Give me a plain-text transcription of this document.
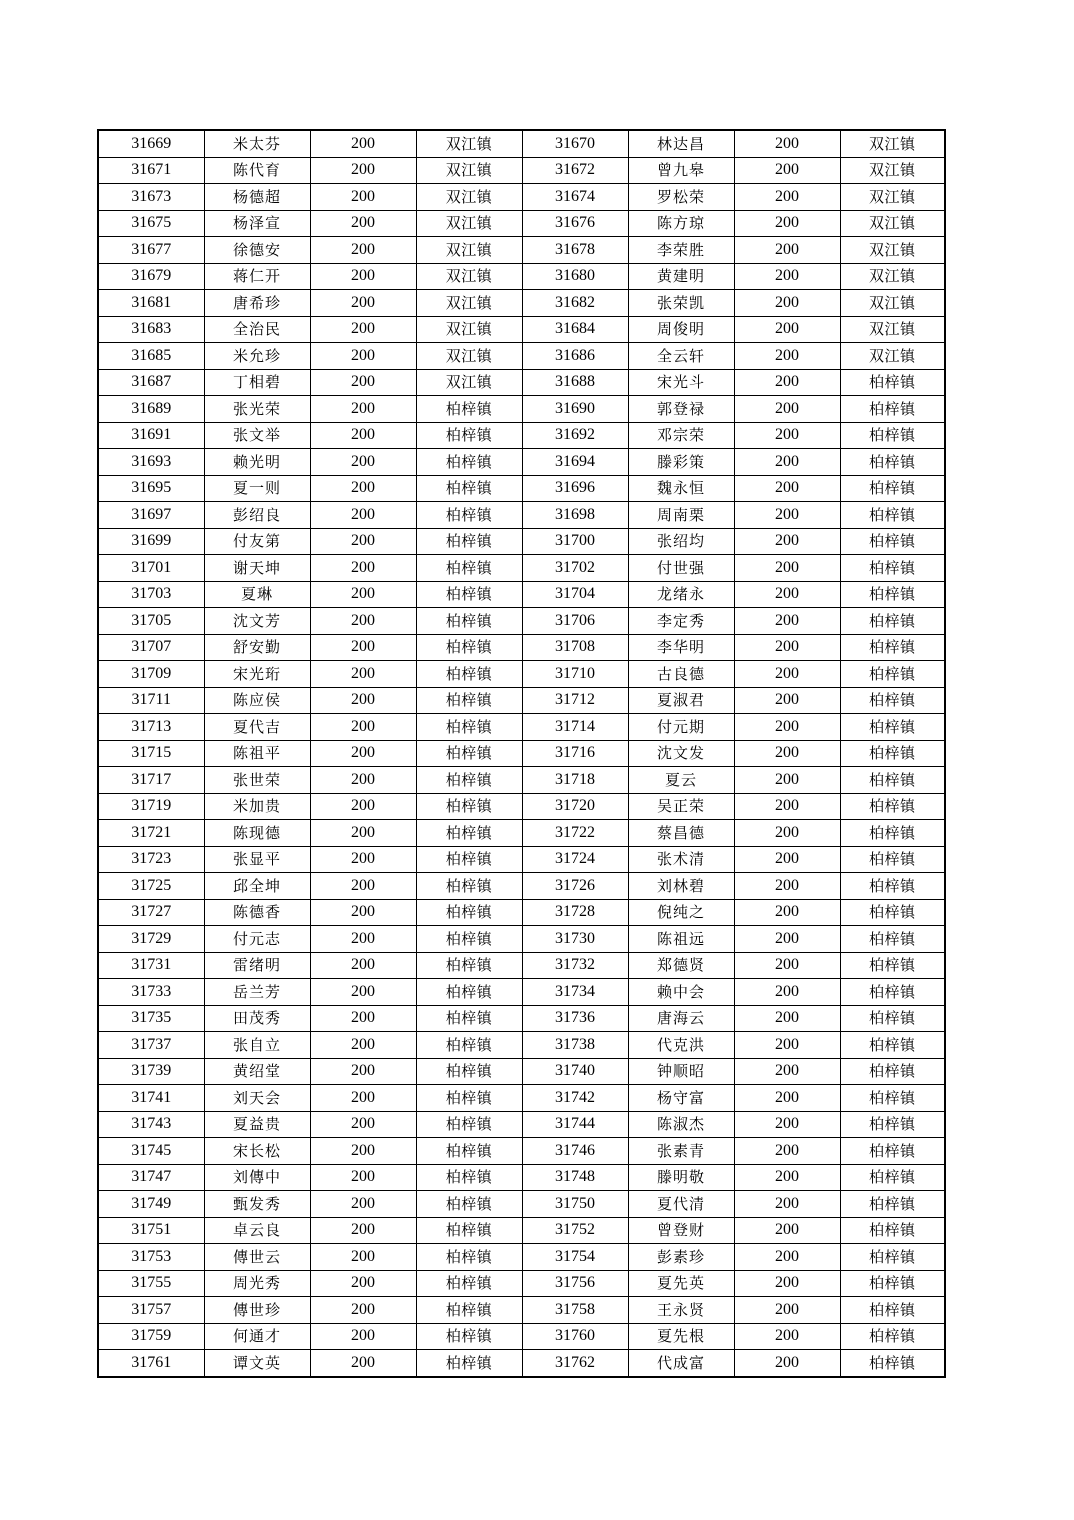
31669	米太芬	200	双江镇	31670	林达昌	200	双江镇
31671	陈代育	200	双江镇	31672	曾九皋	200	双江镇
31673	杨德超	200	双江镇	31674	罗松荣	200	双江镇
31675	杨泽宣	200	双江镇	31676	陈方琼	200	双江镇
31677	徐德安	200	双江镇	31678	李荣胜	200	双江镇
31679	蒋仁开	200	双江镇	31680	黄建明	200	双江镇
31681	唐希珍	200	双江镇	31682	张荣凯	200	双江镇
31683	全治民	200	双江镇	31684	周俊明	200	双江镇
31685	米允珍	200	双江镇	31686	全云轩	200	双江镇
31687	丁相碧	200	双江镇	31688	宋光斗	200	柏梓镇
31689	张光荣	200	柏梓镇	31690	郭登禄	200	柏梓镇
31691	张文举	200	柏梓镇	31692	邓宗荣	200	柏梓镇
31693	赖光明	200	柏梓镇	31694	滕彩策	200	柏梓镇
31695	夏一则	200	柏梓镇	31696	魏永恒	200	柏梓镇
31697	彭绍良	200	柏梓镇	31698	周南栗	200	柏梓镇
31699	付友第	200	柏梓镇	31700	张绍均	200	柏梓镇
31701	谢天坤	200	柏梓镇	31702	付世强	200	柏梓镇
31703	夏琳	200	柏梓镇	31704	龙绪永	200	柏梓镇
31705	沈文芳	200	柏梓镇	31706	李定秀	200	柏梓镇
31707	舒安勤	200	柏梓镇	31708	李华明	200	柏梓镇
31709	宋光珩	200	柏梓镇	31710	古良德	200	柏梓镇
31711	陈应侯	200	柏梓镇	31712	夏淑君	200	柏梓镇
31713	夏代吉	200	柏梓镇	31714	付元期	200	柏梓镇
31715	陈祖平	200	柏梓镇	31716	沈文发	200	柏梓镇
31717	张世荣	200	柏梓镇	31718	夏云	200	柏梓镇
31719	米加贵	200	柏梓镇	31720	吴正荣	200	柏梓镇
31721	陈现德	200	柏梓镇	31722	蔡昌德	200	柏梓镇
31723	张显平	200	柏梓镇	31724	张术清	200	柏梓镇
31725	邱全坤	200	柏梓镇	31726	刘林碧	200	柏梓镇
31727	陈德香	200	柏梓镇	31728	倪纯之	200	柏梓镇
31729	付元志	200	柏梓镇	31730	陈祖远	200	柏梓镇
31731	雷绪明	200	柏梓镇	31732	郑德贤	200	柏梓镇
31733	岳兰芳	200	柏梓镇	31734	赖中会	200	柏梓镇
31735	田茂秀	200	柏梓镇	31736	唐海云	200	柏梓镇
31737	张自立	200	柏梓镇	31738	代克洪	200	柏梓镇
31739	黄绍堂	200	柏梓镇	31740	钟顺昭	200	柏梓镇
31741	刘天会	200	柏梓镇	31742	杨守富	200	柏梓镇
31743	夏益贵	200	柏梓镇	31744	陈淑杰	200	柏梓镇
31745	宋长松	200	柏梓镇	31746	张素青	200	柏梓镇
31747	刘傳中	200	柏梓镇	31748	滕明敬	200	柏梓镇
31749	甄发秀	200	柏梓镇	31750	夏代清	200	柏梓镇
31751	卓云良	200	柏梓镇	31752	曾登财	200	柏梓镇
31753	傳世云	200	柏梓镇	31754	彭素珍	200	柏梓镇
31755	周光秀	200	柏梓镇	31756	夏先英	200	柏梓镇
31757	傳世珍	200	柏梓镇	31758	王永贤	200	柏梓镇
31759	何通才	200	柏梓镇	31760	夏先根	200	柏梓镇
31761	谭文英	200	柏梓镇	31762	代成富	200	柏梓镇
